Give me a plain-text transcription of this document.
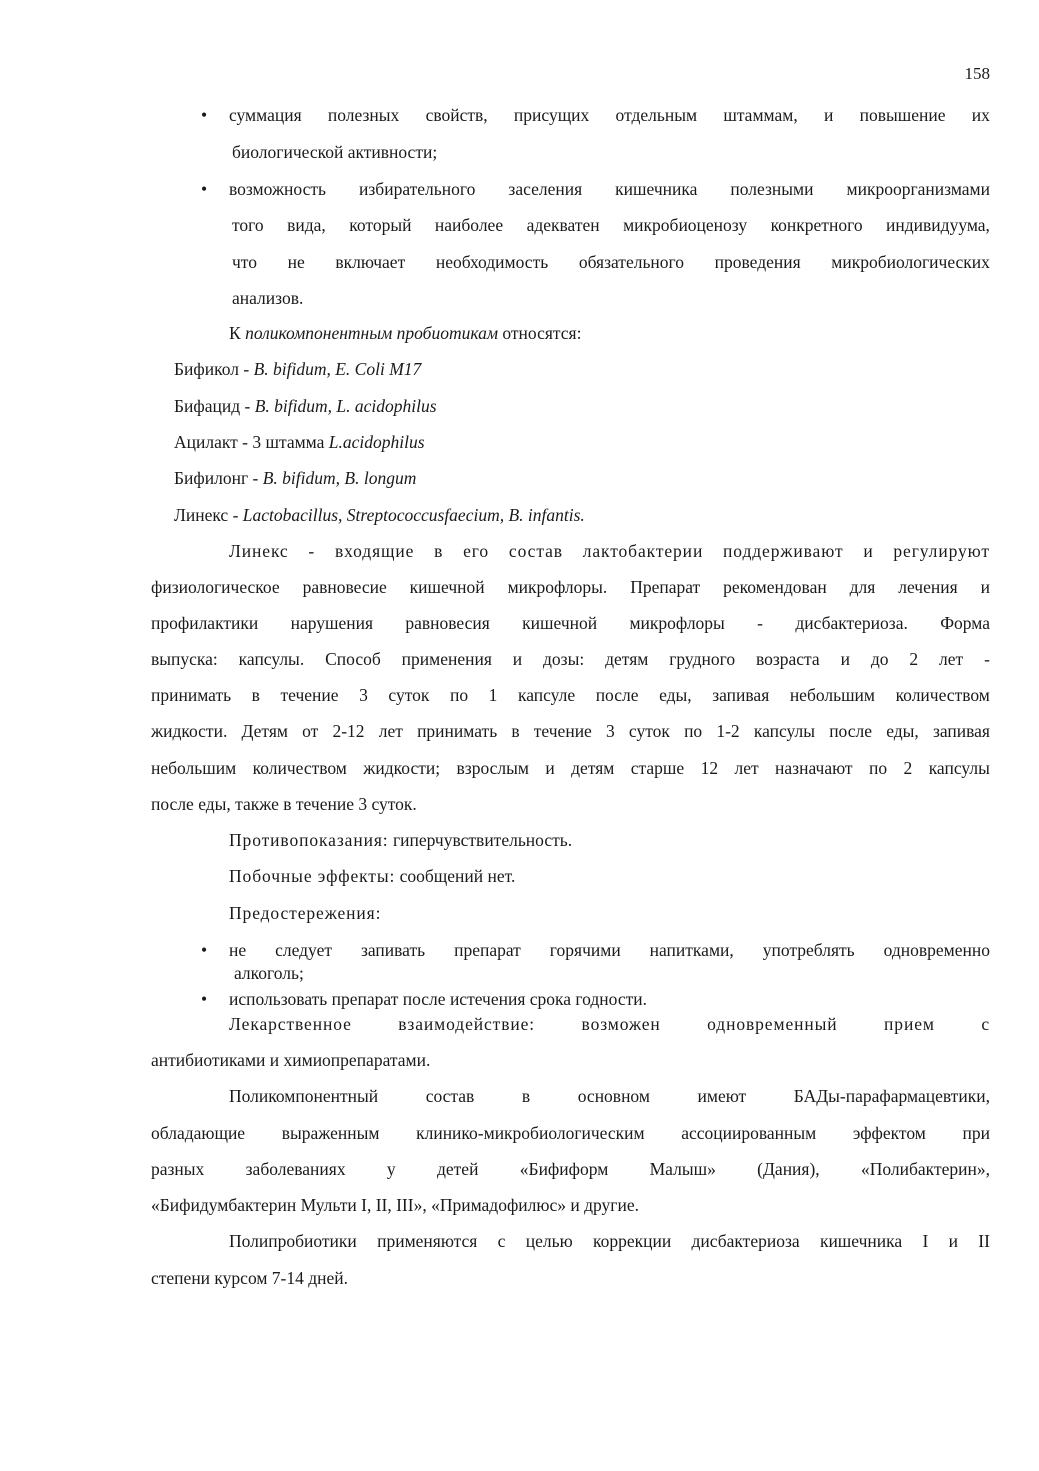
158
• суммация полезных свойств, присущих отдельным штаммам, и повышение их
биологической активности;
• возможность избирательного заселения кишечника полезными микроорганизмами
того вида, который наиболее адекватен микробиоценозу конкретного индивидуума,
что не включает необходимость обязательного проведения микробиологических
анализов.
К поликомпонентным пробиотикам относятся:
Бификол - B. bifidum, E. Coli M17
Бифацид - B. bifidum, L. acidophilus
Ацилакт - 3 штамма L.acidophilus
Бифилонг - B. bifidum, B. longum
Линекс - Lactobacillus, Streptococcusfaecium, B. infantis.
Линекс - входящие в его состав лактобактерии поддерживают и регулируют
физиологическое равновесие кишечной микрофлоры. Препарат рекомендован для лечения и
профилактики нарушения равновесия кишечной микрофлоры - дисбактериоза. Форма
выпуска: капсулы. Способ применения и дозы: детям грудного возраста и до 2 лет -
принимать в течение 3 суток по 1 капсуле после еды, запивая небольшим количеством
жидкости. Детям от 2-12 лет принимать в течение 3 суток по 1-2 капсулы после еды, запивая
небольшим количеством жидкости; взрослым и детям старше 12 лет назначают по 2 капсулы
после еды, также в течение 3 суток.
Противопоказания: гиперчувствительность.
Побочные эффекты: сообщений нет.
Предостережения:
• не следует запивать препарат горячими напитками, употреблять одновременно
алкоголь;
• использовать препарат после истечения срока годности.
Лекарственное	взаимодействие:	возможен	одновременный	прием	с
антибиотиками и химиопрепаратами.
Поликомпонентный	состав	в	основном	имеют	БАДы-парафармацевтики,
обладающие выраженным клинико-микробиологическим ассоциированным эффектом при
разных заболеваниях у детей «Бифиформ Малыш» (Дания), «Полибактерин»,
«Бифидумбактерин Мульти I, II, III», «Примадофилюс» и другие.
Полипробиотики применяются с целью коррекции дисбактериоза кишечника I и II
степени курсом 7-14 дней.
